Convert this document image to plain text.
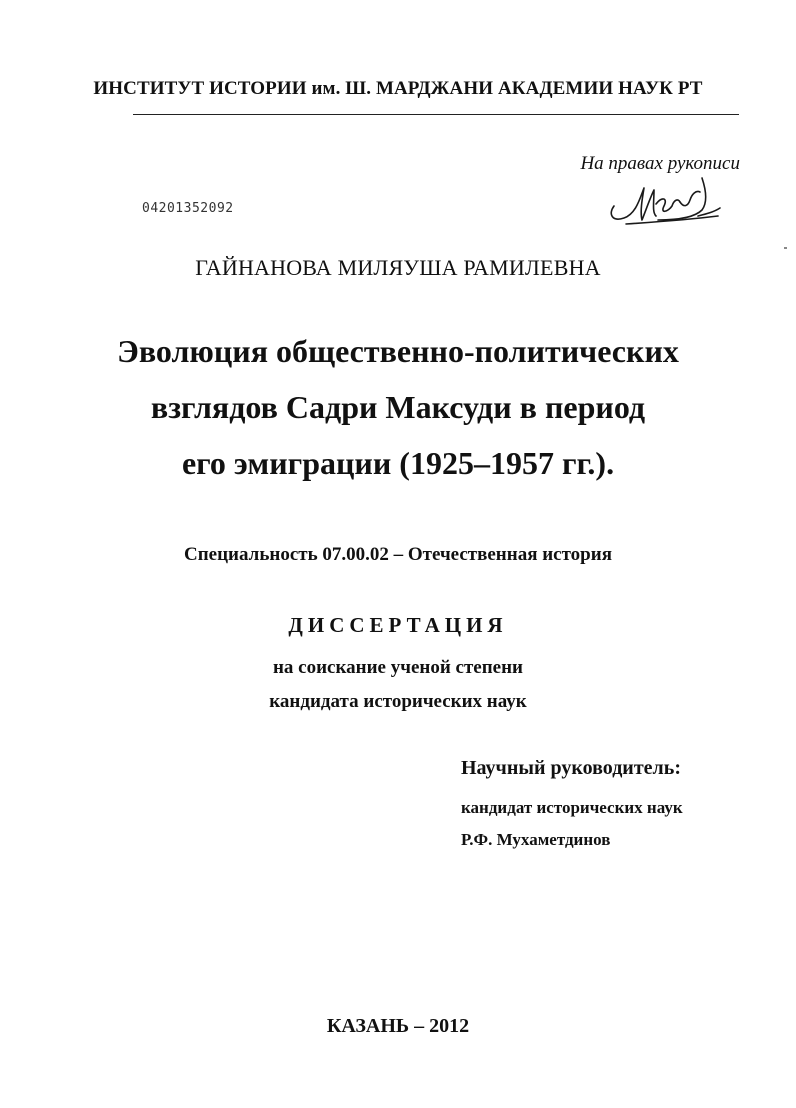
ИНСТИТУТ ИСТОРИИ им. Ш. МАРДЖАНИ АКАДЕМИИ НАУК РТ
На правах рукописи
04201352092
ГАЙНАНОВА МИЛЯУША РАМИЛЕВНА
Эволюция общественно-политических
взглядов Садри Максуди в период
его эмиграции (1925–1957 гг.).
Специальность 07.00.02 – Отечественная история
ДИССЕРТАЦИЯ
на соискание ученой степени
кандидата исторических наук
Научный руководитель:
кандидат исторических наук
Р.Ф. Мухаметдинов
КАЗАНЬ – 2012
